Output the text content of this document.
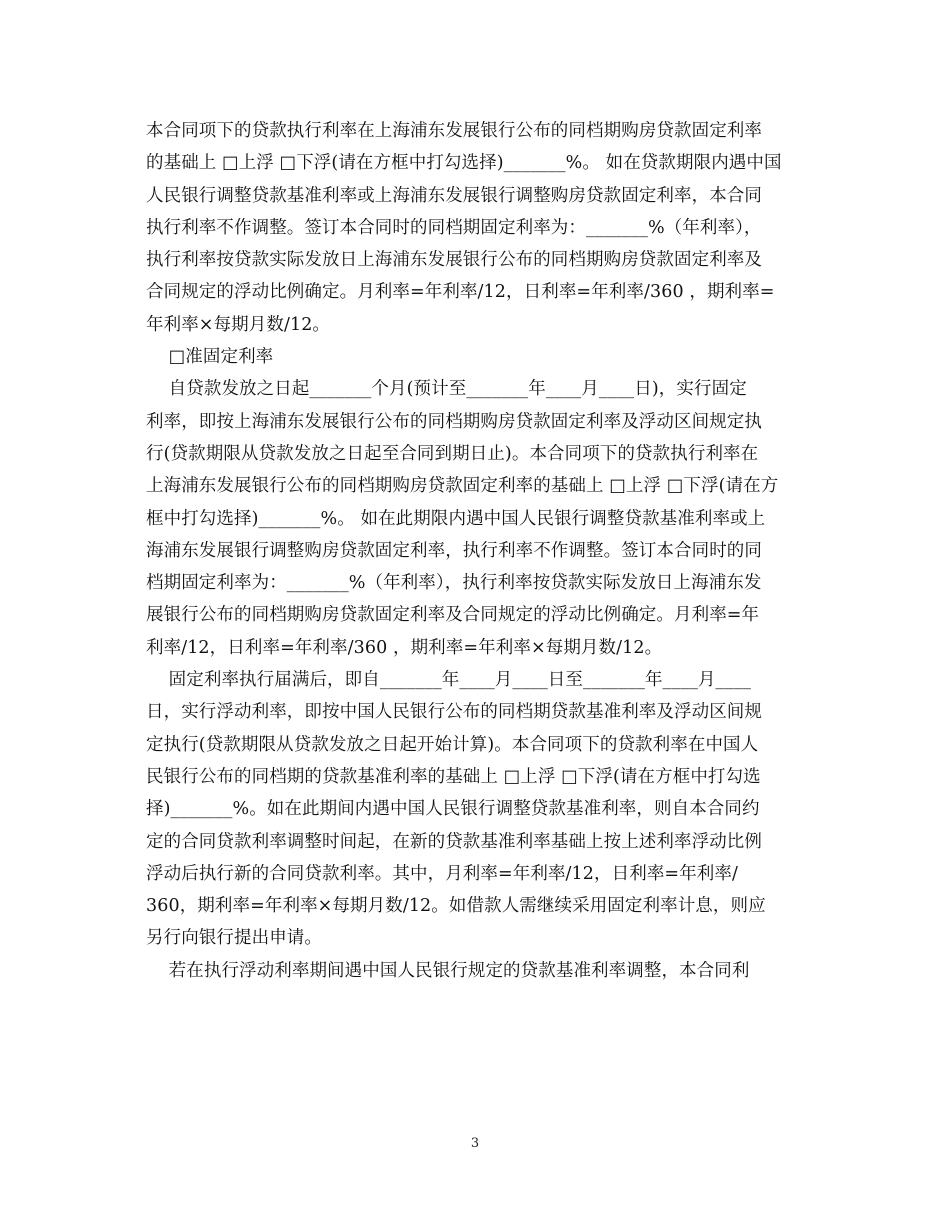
本合同项下的贷款执行利率在上海浦东发展银行公布的同档期购房贷款固定利率
的基础上 □上浮 □下浮(请在方框中打勾选择)_______%。 如在贷款期限内遇中国
人民银行调整贷款基准利率或上海浦东发展银行调整购房贷款固定利率，本合同
执行利率不作调整。签订本合同时的同档期固定利率为：_______%（年利率），
执行利率按贷款实际发放日上海浦东发展银行公布的同档期购房贷款固定利率及
合同规定的浮动比例确定。月利率=年利率/12，日利率=年利率/360 ，期利率=
年利率×每期月数/12。
□准固定利率
自贷款发放之日起_______个月(预计至_______年____月____日)，实行固定
利率，即按上海浦东发展银行公布的同档期购房贷款固定利率及浮动区间规定执
行(贷款期限从贷款发放之日起至合同到期日止)。本合同项下的贷款执行利率在
上海浦东发展银行公布的同档期购房贷款固定利率的基础上 □上浮 □下浮(请在方
框中打勾选择)_______%。 如在此期限内遇中国人民银行调整贷款基准利率或上
海浦东发展银行调整购房贷款固定利率，执行利率不作调整。签订本合同时的同
档期固定利率为：_______%（年利率），执行利率按贷款实际发放日上海浦东发
展银行公布的同档期购房贷款固定利率及合同规定的浮动比例确定。月利率=年
利率/12，日利率=年利率/360 ，期利率=年利率×每期月数/12。
固定利率执行届满后，即自_______年____月____日至_______年____月____
日，实行浮动利率，即按中国人民银行公布的同档期贷款基准利率及浮动区间规
定执行(贷款期限从贷款发放之日起开始计算)。本合同项下的贷款利率在中国人
民银行公布的同档期的贷款基准利率的基础上 □上浮 □下浮(请在方框中打勾选
择)_______%。如在此期间内遇中国人民银行调整贷款基准利率，则自本合同约
定的合同贷款利率调整时间起，在新的贷款基准利率基础上按上述利率浮动比例
浮动后执行新的合同贷款利率。其中，月利率=年利率/12，日利率=年利率/
360，期利率=年利率×每期月数/12。如借款人需继续采用固定利率计息，则应
另行向银行提出申请。
若在执行浮动利率期间遇中国人民银行规定的贷款基准利率调整，本合同利
3
